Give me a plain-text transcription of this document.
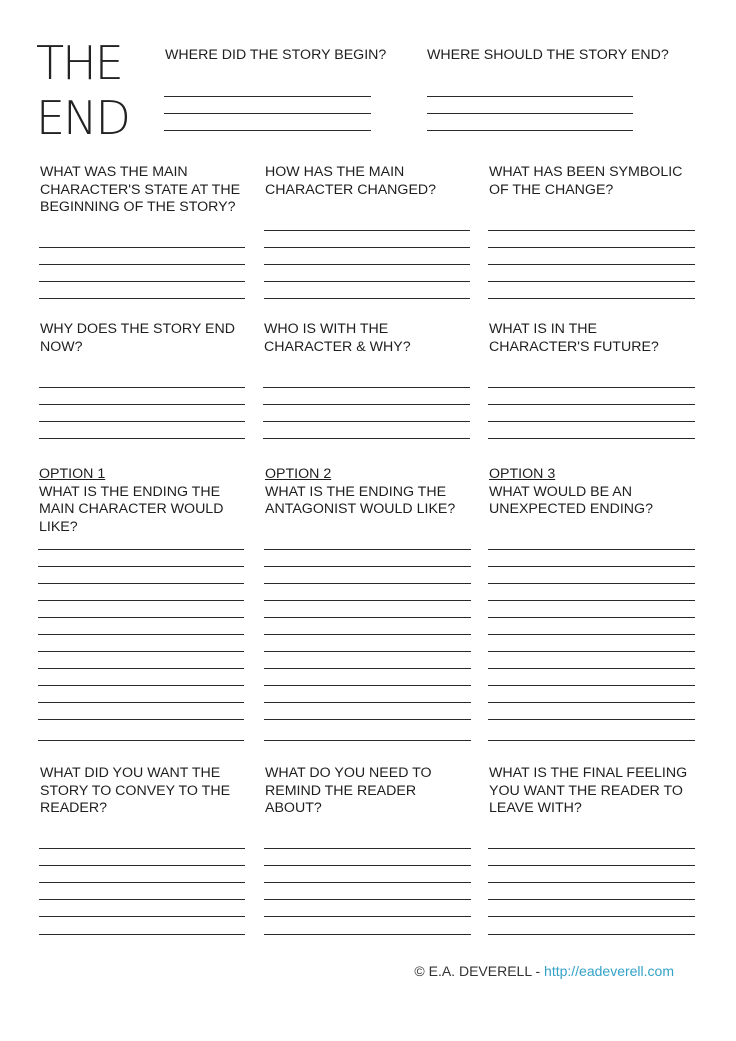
THE
END
WHERE DID THE STORY BEGIN?	WHERE SHOULD THE STORY END?
WHAT WAS THE MAIN CHARACTER'S STATE AT THE BEGINNING OF THE STORY?
HOW HAS THE MAIN CHARACTER CHANGED?
WHAT HAS BEEN SYMBOLIC OF THE CHANGE?
WHY DOES THE STORY END NOW?
WHO IS WITH THE CHARACTER & WHY?
WHAT IS IN THE CHARACTER'S FUTURE?
OPTION 1
WHAT IS THE ENDING THE MAIN CHARACTER WOULD LIKE?
OPTION 2
WHAT IS THE ENDING THE ANTAGONIST WOULD LIKE?
OPTION 3
WHAT WOULD BE AN UNEXPECTED ENDING?
WHAT DID YOU WANT THE STORY TO CONVEY TO THE READER?
WHAT DO YOU NEED TO REMIND THE READER ABOUT?
WHAT IS THE FINAL FEELING YOU WANT THE READER TO LEAVE WITH?
© E.A. DEVERELL - http://eadeverell.com
